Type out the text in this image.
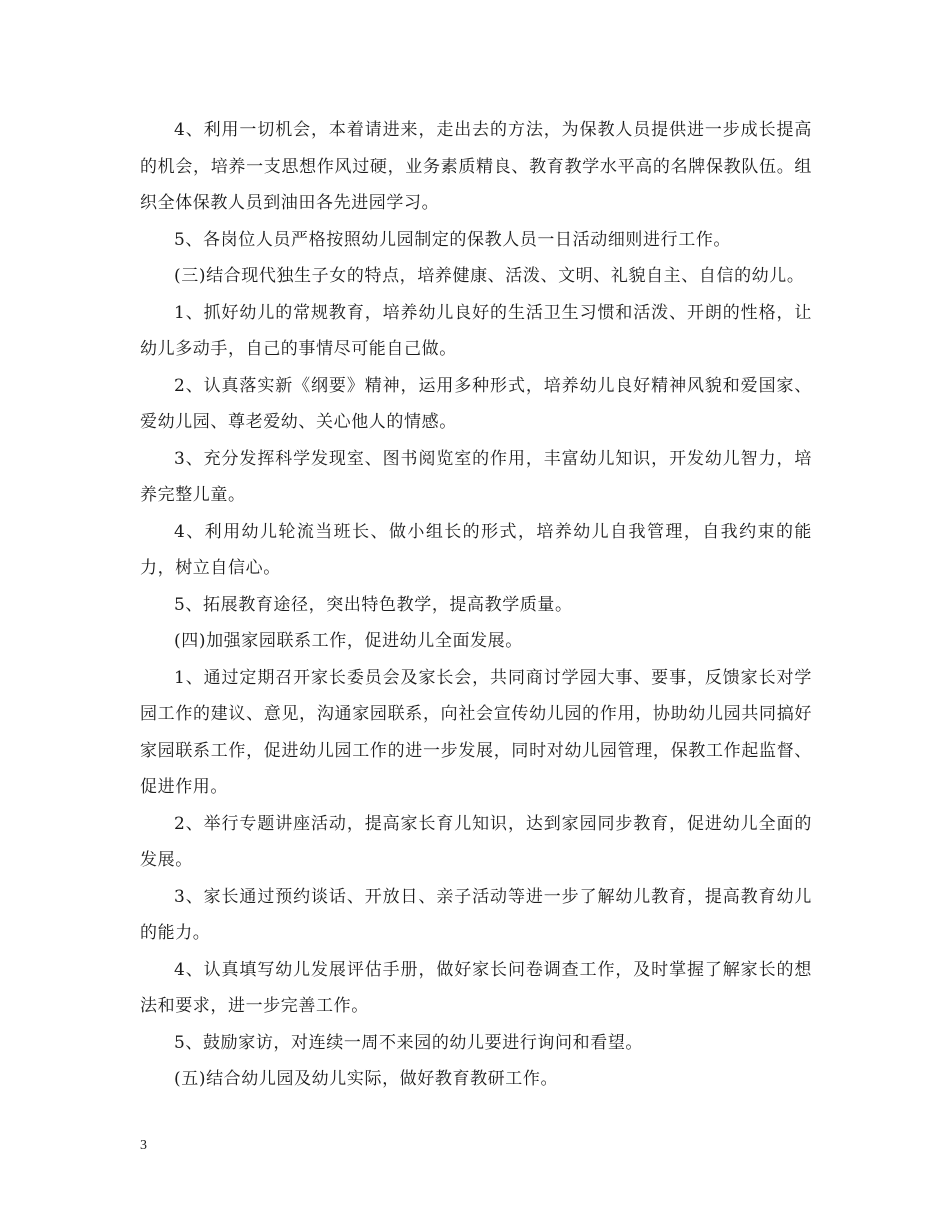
4、利用一切机会，本着请进来，走出去的方法，为保教人员提供进一步成长提高的机会，培养一支思想作风过硬，业务素质精良、教育教学水平高的名牌保教队伍。组织全体保教人员到油田各先进园学习。

5、各岗位人员严格按照幼儿园制定的保教人员一日活动细则进行工作。

(三)结合现代独生子女的特点，培养健康、活泼、文明、礼貌自主、自信的幼儿。

1、抓好幼儿的常规教育，培养幼儿良好的生活卫生习惯和活泼、开朗的性格，让幼儿多动手，自己的事情尽可能自己做。

2、认真落实新《纲要》精神，运用多种形式，培养幼儿良好精神风貌和爱国家、爱幼儿园、尊老爱幼、关心他人的情感。

3、充分发挥科学发现室、图书阅览室的作用，丰富幼儿知识，开发幼儿智力，培养完整儿童。

4、利用幼儿轮流当班长、做小组长的形式，培养幼儿自我管理，自我约束的能力，树立自信心。

5、拓展教育途径，突出特色教学，提高教学质量。

(四)加强家园联系工作，促进幼儿全面发展。

1、通过定期召开家长委员会及家长会，共同商讨学园大事、要事，反馈家长对学园工作的建议、意见，沟通家园联系，向社会宣传幼儿园的作用，协助幼儿园共同搞好家园联系工作，促进幼儿园工作的进一步发展，同时对幼儿园管理，保教工作起监督、促进作用。

2、举行专题讲座活动，提高家长育儿知识，达到家园同步教育，促进幼儿全面的发展。

3、家长通过预约谈话、开放日、亲子活动等进一步了解幼儿教育，提高教育幼儿的能力。

4、认真填写幼儿发展评估手册，做好家长问卷调查工作，及时掌握了解家长的想法和要求，进一步完善工作。

5、鼓励家访，对连续一周不来园的幼儿要进行询问和看望。

(五)结合幼儿园及幼儿实际，做好教育教研工作。

3
